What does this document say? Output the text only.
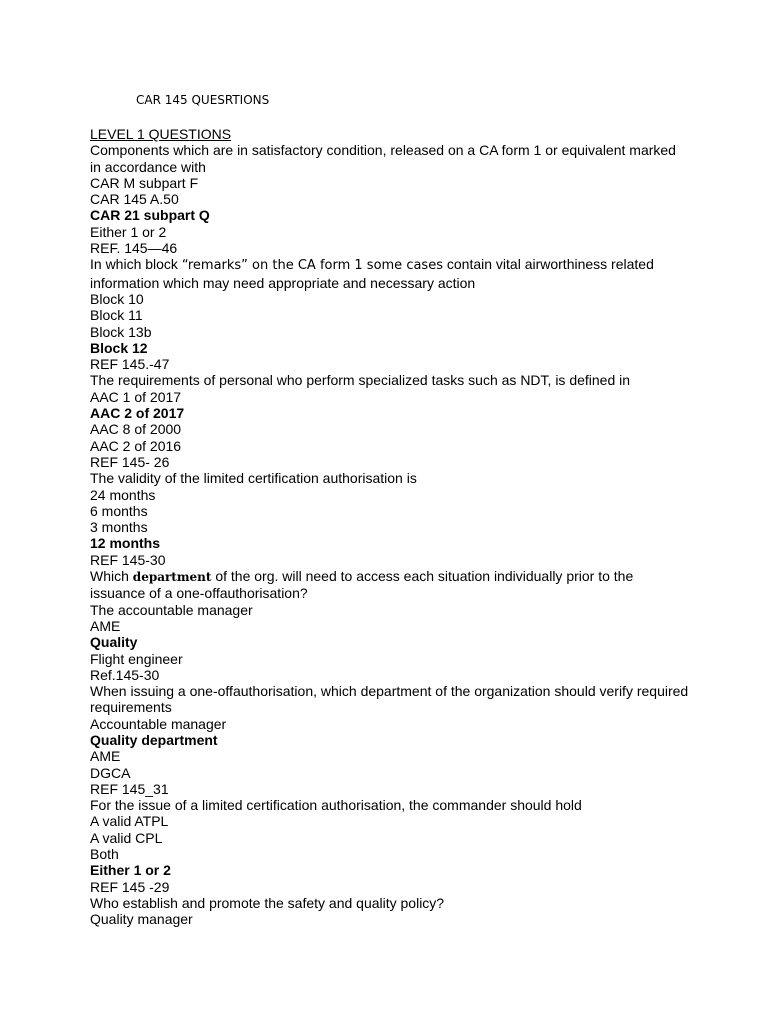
CAR 145 QUESRTIONS
LEVEL 1 QUESTIONS
Components which are in satisfactory condition, released on a CA form 1 or equivalent marked in accordance with
CAR M subpart F
CAR 145 A.50
CAR 21 subpart Q
Either 1 or 2
REF. 145—46
In which block “remarks” on the CA form 1 some cases contain vital airworthiness related information which may need appropriate and necessary action
Block 10
Block 11
Block 13b
Block 12
REF 145.-47
The requirements of personal who perform specialized tasks such as NDT, is defined in
AAC 1 of 2017
AAC 2 of 2017
AAC 8 of 2000
AAC 2 of 2016
REF 145- 26
The validity of the limited certification authorisation is
24 months
6 months
3 months
12 months
REF 145-30
Which department of the org. will need to access each situation individually prior to the issuance of a one-offauthorisation?
The accountable manager
AME
Quality
Flight engineer
Ref.145-30
When issuing a one-offauthorisation, which department of the organization should verify required requirements
Accountable manager
Quality department
AME
DGCA
REF 145_31
For the issue of a limited certification authorisation, the commander should hold
A valid ATPL
A valid CPL
Both
Either 1 or 2
REF 145 -29
Who establish and promote the safety and quality policy?
Quality manager
